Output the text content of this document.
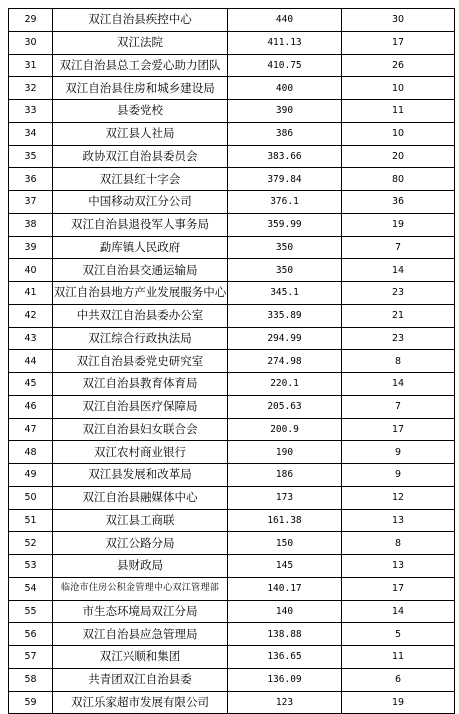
29	双江自治县疾控中心	440	30
30	双江法院	411.13	17
31	双江自治县总工会爱心助力团队	410.75	26
32	双江自治县住房和城乡建设局	400	10
33	县委党校	390	11
34	双江县人社局	386	10
35	政协双江自治县委员会	383.66	20
36	双江县红十字会	379.84	80
37	中国移动双江分公司	376.1	36
38	双江自治县退役军人事务局	359.99	19
39	勐库镇人民政府	350	7
40	双江自治县交通运输局	350	14
41	双江自治县地方产业发展服务中心	345.1	23
42	中共双江自治县委办公室	335.89	21
43	双江综合行政执法局	294.99	23
44	双江自治县委党史研究室	274.98	8
45	双江自治县教育体育局	220.1	14
46	双江自治县医疗保障局	205.63	7
47	双江自治县妇女联合会	200.9	17
48	双江农村商业银行	190	9
49	双江县发展和改革局	186	9
50	双江自治县融媒体中心	173	12
51	双江县工商联	161.38	13
52	双江公路分局	150	8
53	县财政局	145	13
54	临沧市住房公积金管理中心双江管理部	140.17	17
55	市生态环境局双江分局	140	14
56	双江自治县应急管理局	138.88	5
57	双江兴顺和集团	136.65	11
58	共青团双江自治县委	136.09	6
59	双江乐家超市发展有限公司	123	19
